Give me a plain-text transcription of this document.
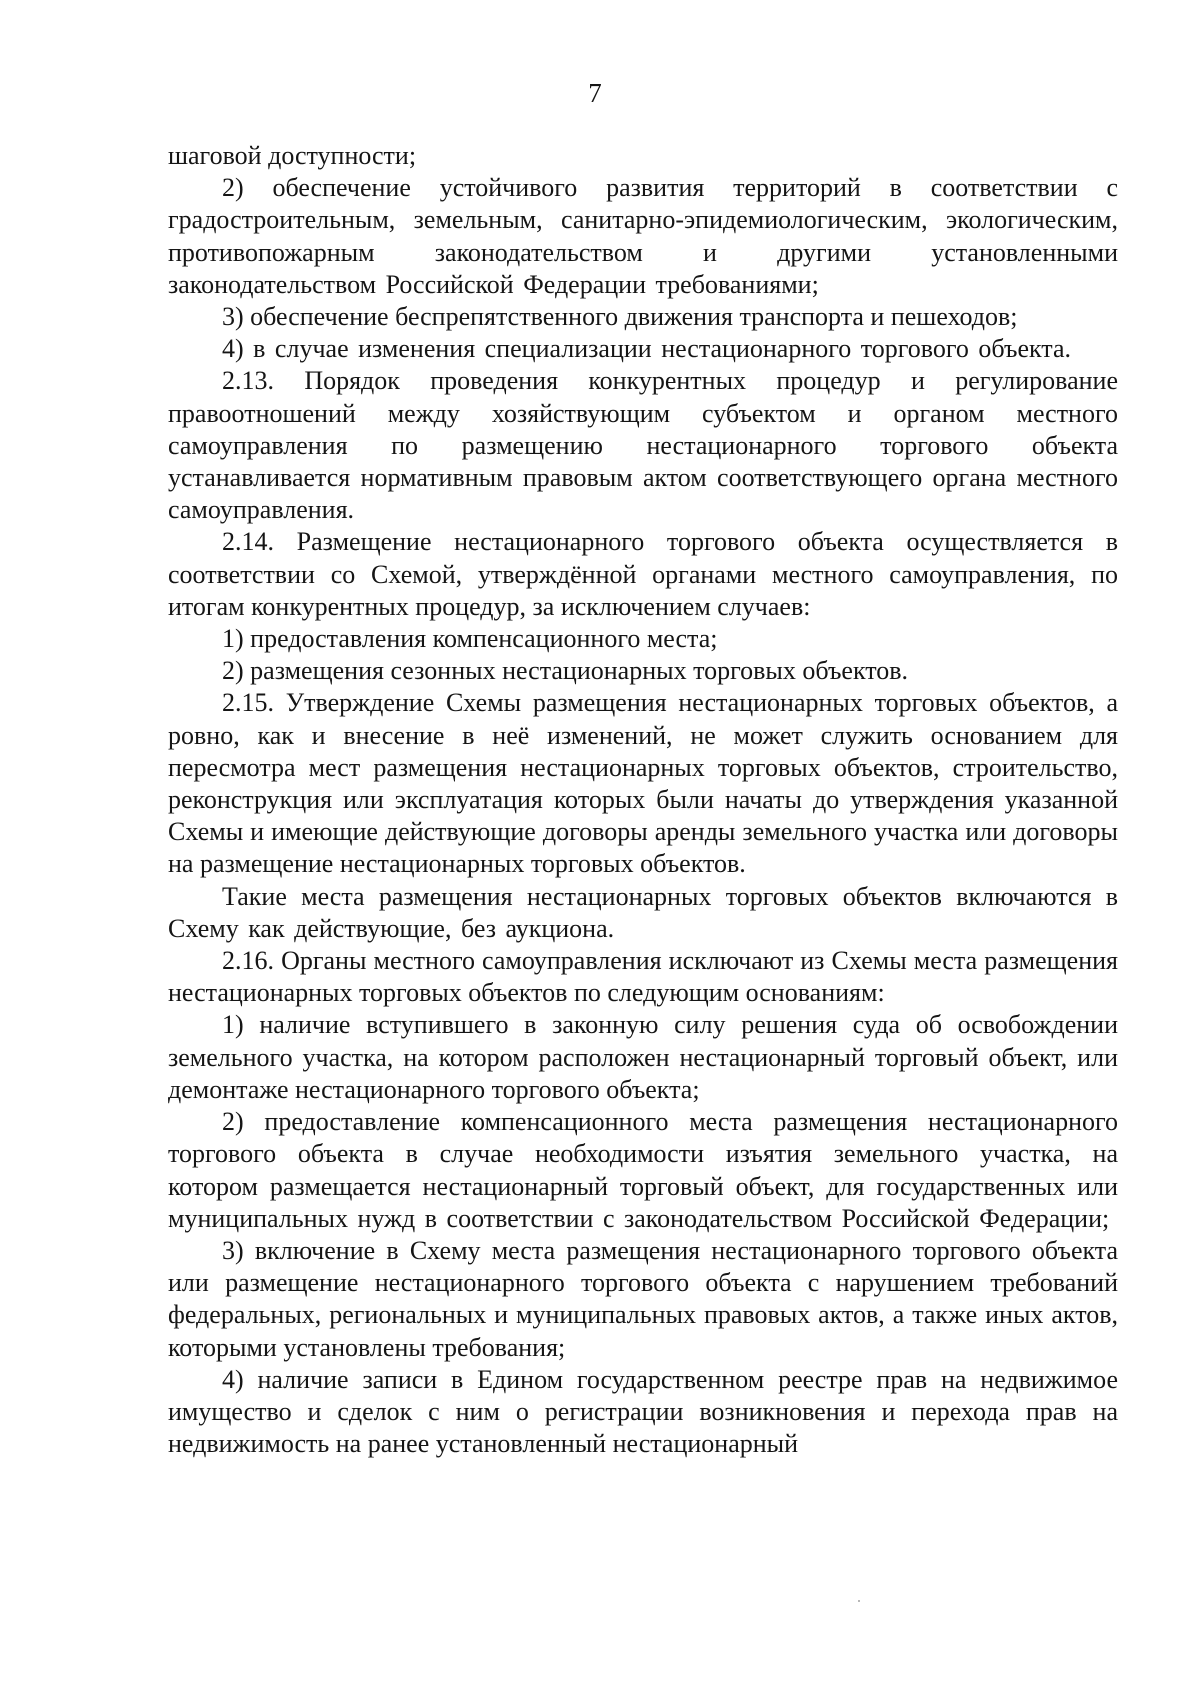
7

шаговой доступности;

2) обеспечение устойчивого развития территорий в соответствии с градостроительным, земельным, санитарно-эпидемиологическим, экологическим, противопожарным законодательством и другими установленными законодательством Российской Федерации требованиями;

3) обеспечение беспрепятственного движения транспорта и пешеходов;

4) в случае изменения специализации нестационарного торгового объекта.

2.13. Порядок проведения конкурентных процедур и регулирование правоотношений между хозяйствующим субъектом и органом местного самоуправления по размещению нестационарного торгового объекта устанавливается нормативным правовым актом соответствующего органа местного самоуправления.

2.14. Размещение нестационарного торгового объекта осуществляется в соответствии со Схемой, утверждённой органами местного самоуправления, по итогам конкурентных процедур, за исключением случаев:

1) предоставления компенсационного места;

2) размещения сезонных нестационарных торговых объектов.

2.15. Утверждение Схемы размещения нестационарных торговых объектов, а ровно, как и внесение в неё изменений, не может служить основанием для пересмотра мест размещения нестационарных торговых объектов, строительство, реконструкция или эксплуатация которых были начаты до утверждения указанной Схемы и имеющие действующие договоры аренды земельного участка или договоры на размещение нестационарных торговых объектов.

Такие места размещения нестационарных торговых объектов включаются в Схему как действующие, без аукциона.

2.16. Органы местного самоуправления исключают из Схемы места размещения нестационарных торговых объектов по следующим основаниям:

1) наличие вступившего в законную силу решения суда об освобождении земельного участка, на котором расположен нестационарный торговый объект, или демонтаже нестационарного торгового объекта;

2) предоставление компенсационного места размещения нестационарного торгового объекта в случае необходимости изъятия земельного участка, на котором размещается нестационарный торговый объект, для государственных или муниципальных нужд в соответствии с законодательством Российской Федерации;

3) включение в Схему места размещения нестационарного торгового объекта или размещение нестационарного торгового объекта с нарушением требований федеральных, региональных и муниципальных правовых актов, а также иных актов, которыми установлены требования;

4) наличие записи в Едином государственном реестре прав на недвижимое имущество и сделок с ним о регистрации возникновения и перехода прав на недвижимость на ранее установленный нестационарный
